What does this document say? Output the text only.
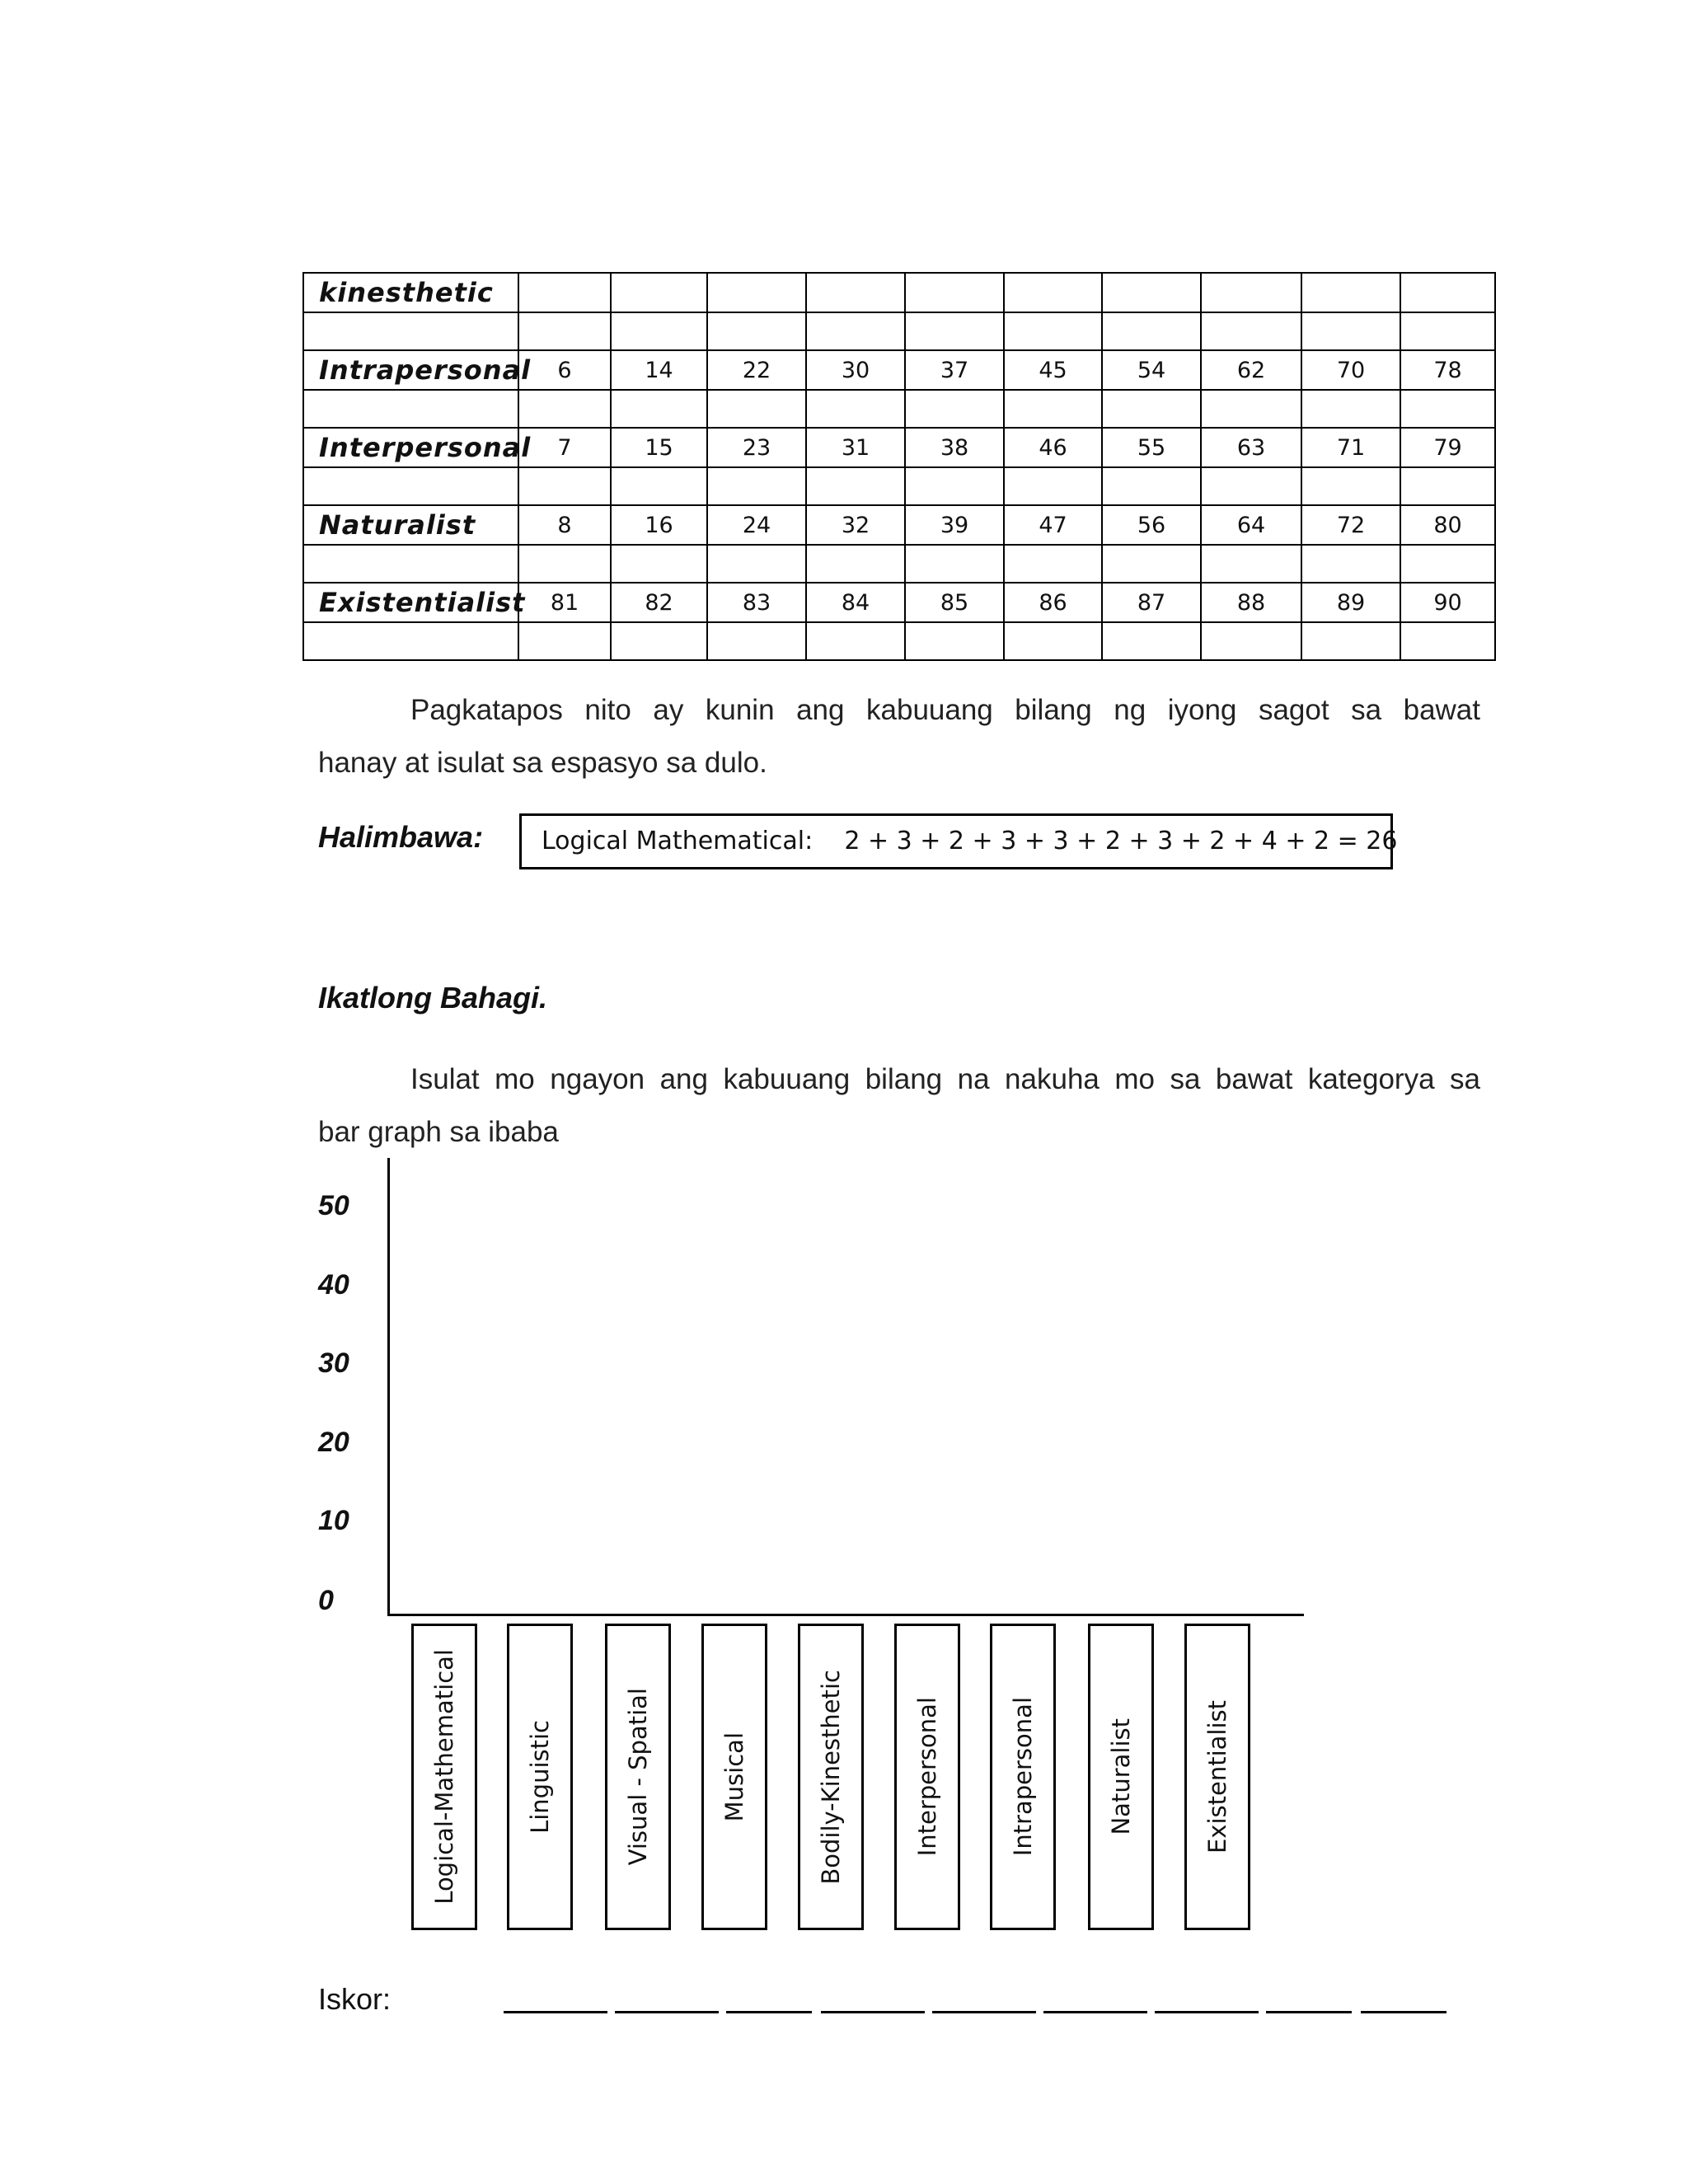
kinesthetic										

Intrapersonal	6	14	22	30	37	45	54	62	70	78

Interpersonal	7	15	23	31	38	46	55	63	71	79

Naturalist	8	16	24	32	39	47	56	64	72	80

Existentialist	81	82	83	84	85	86	87	88	89	90

Pagkatapos nito ay kunin ang kabuuang bilang ng iyong sagot sa bawat
hanay at isulat sa espasyo sa dulo.
Halimbawa:	Logical Mathematical:    2 + 3 + 2 + 3 + 3 + 2 + 3 + 2 + 4 + 2 = 26
Ikatlong Bahagi.
Isulat mo ngayon ang kabuuang bilang na nakuha mo sa bawat kategorya sa
bar graph sa ibaba
50
40
30
20
10
0
Logical-Mathematical	Linguistic	Visual - Spatial	Musical	Bodily-Kinesthetic	Interpersonal	Intrapersonal	Naturalist	Existentialist
Iskor:
